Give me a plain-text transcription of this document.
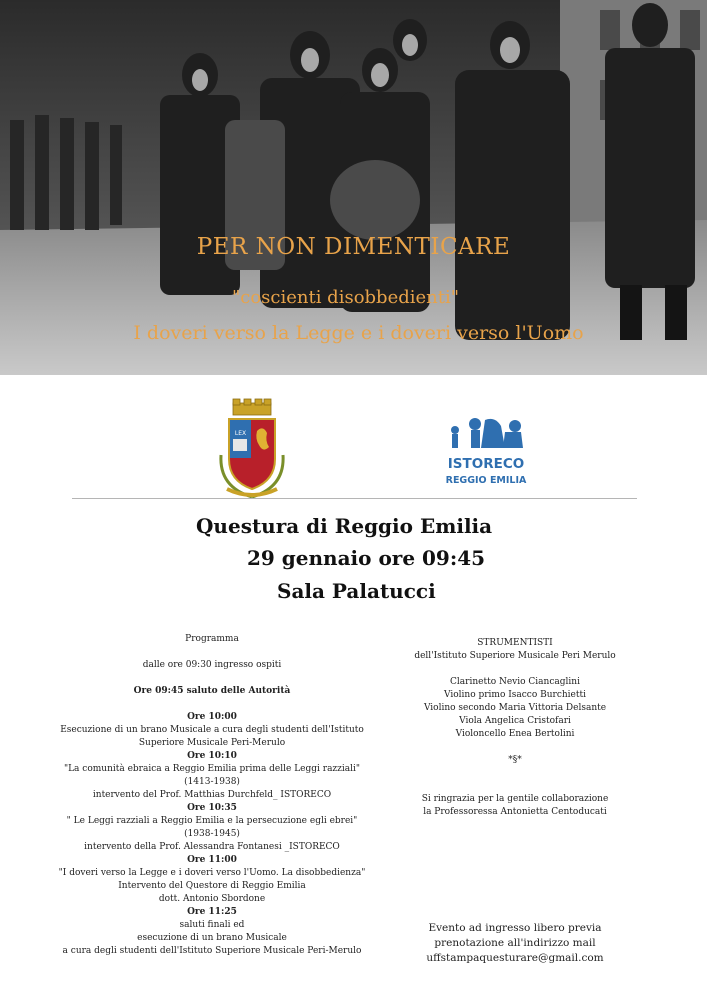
PER NON DIMENTICARE
"coscienti disobbedienti"
I doveri verso la Legge e i doveri verso l'Uomo
LEX
ISTORECO
REGGIO EMILIA
Questura di Reggio Emilia
29 gennaio ore 09:45
Sala Palatucci
Programma
dalle ore 09:30 ingresso ospiti
Ore 09:45 saluto delle Autorità
Ore 10:00
Esecuzione di un brano Musicale a cura degli studenti dell'Istituto
Superiore Musicale Peri-Merulo
Ore 10:10
"La comunità ebraica a Reggio Emilia prima delle Leggi razziali"
(1413-1938)
intervento del Prof. Matthias Durchfeld_ ISTORECO
Ore 10:35
" Le Leggi razziali a Reggio Emilia e la persecuzione egli ebrei"
(1938-1945)
intervento della Prof. Alessandra Fontanesi _ISTORECO
Ore 11:00
"I doveri verso la Legge e i doveri verso l'Uomo. La disobbedienza"
Intervento del Questore di Reggio Emilia
dott. Antonio Sbordone
Ore 11:25
saluti finali ed
esecuzione di un brano Musicale
a cura degli studenti dell'Istituto Superiore Musicale Peri-Merulo
STRUMENTISTI
dell'Istituto Superiore Musicale Peri Merulo
Clarinetto Nevio Ciancaglini
Violino primo Isacco Burchietti
Violino secondo Maria Vittoria Delsante
Viola Angelica Cristofari
Violoncello Enea Bertolini
*§*
Si ringrazia per la gentile collaborazione
la Professoressa Antonietta Centoducati
Evento ad ingresso libero previa
prenotazione all'indirizzo mail
uffstampaquesturare@gmail.com
